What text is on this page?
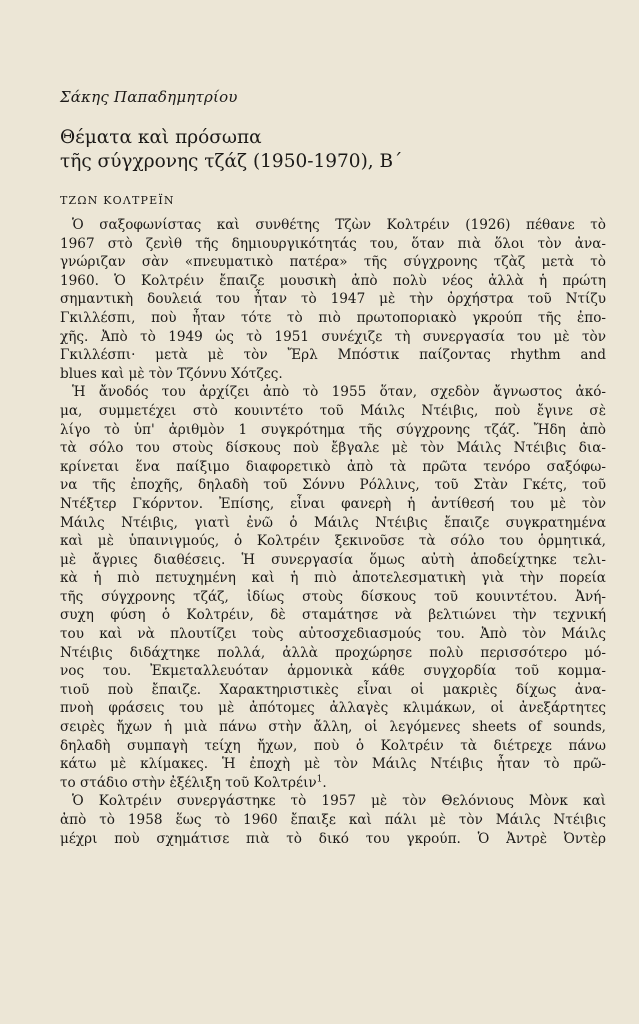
Σάκης Παπαδημητρίου
Θέματα καὶ πρόσωπα
τῆς σύγχρονης τζάζ (1950-1970), Β΄
ΤΖΩΝ ΚΟΛΤΡΕΪΝ
Ὁ σαξοφωνίστας καὶ συνθέτης Τζὼν Κολτρέιν (1926) πέθανε τὸ
1967 στὸ ζενὶθ τῆς δημιουργικότητάς του, ὅταν πιὰ ὅλοι τὸν ἀνα-
γνώριζαν σὰν «πνευματικὸ πατέρα» τῆς σύγχρονης τζὰζ μετὰ τὸ
1960. Ὁ Κολτρέιν ἔπαιζε μουσικὴ ἀπὸ πολὺ νέος ἀλλὰ ἡ πρώτη
σημαντικὴ δουλειά του ἦταν τὸ 1947 μὲ τὴν ὀρχήστρα τοῦ Ντίζυ
Γκιλλέσπι, ποὺ ἦταν τότε τὸ πιὸ πρωτοποριακὸ γκρούπ τῆς ἐπο-
χῆς. Ἀπὸ τὸ 1949 ὡς τὸ 1951 συνέχιζε τὴ συνεργασία του μὲ τὸν
Γκιλλέσπι· μετὰ μὲ τὸν Ἔρλ Μπόστικ παίζοντας rhythm and
blues καὶ μὲ τὸν Τζόννυ Χότζες.
Ἡ ἄνοδός του ἀρχίζει ἀπὸ τὸ 1955 ὅταν, σχεδὸν ἄγνωστος ἀκό-
μα, συμμετέχει στὸ κουιντέτο τοῦ Μάιλς Ντέιβις, ποὺ ἔγινε σὲ
λίγο τὸ ὑπ' ἀριθμὸν 1 συγκρότημα τῆς σύγχρονης τζάζ. Ἤδη ἀπὸ
τὰ σόλο του στοὺς δίσκους ποὺ ἔβγαλε μὲ τὸν Μάιλς Ντέιβις δια-
κρίνεται ἕνα παίξιμο διαφορετικὸ ἀπὸ τὰ πρῶτα τενόρο σαξόφω-
να τῆς ἐποχῆς, δηλαδὴ τοῦ Σόννυ Ρόλλινς, τοῦ Στὰν Γκέτς, τοῦ
Ντέξτερ Γκόρντον. Ἐπίσης, εἶναι φανερὴ ἡ ἀντίθεσή του μὲ τὸν
Μάιλς Ντέιβις, γιατὶ ἐνῶ ὁ Μάιλς Ντέιβις ἔπαιζε συγκρατημένα
καὶ μὲ ὑπαινιγμούς, ὁ Κολτρέιν ξεκινοῦσε τὰ σόλο του ὁρμητικά,
μὲ ἄγριες διαθέσεις. Ἡ συνεργασία ὅμως αὐτὴ ἀποδείχτηκε τελι-
κὰ ἡ πιὸ πετυχημένη καὶ ἡ πιὸ ἀποτελεσματικὴ γιὰ τὴν πορεία
τῆς σύγχρονης τζάζ, ἰδίως στοὺς δίσκους τοῦ κουιντέτου. Ἀνή-
συχη φύση ὁ Κολτρέιν, δὲ σταμάτησε νὰ βελτιώνει τὴν τεχνική
του καὶ νὰ πλουτίζει τοὺς αὐτοσχεδιασμούς του. Ἀπὸ τὸν Μάιλς
Ντέιβις διδάχτηκε πολλά, ἀλλὰ προχώρησε πολὺ περισσότερο μό-
νος του. Ἐκμεταλλευόταν ἁρμονικὰ κάθε συγχορδία τοῦ κομμα-
τιοῦ ποὺ ἔπαιζε. Χαρακτηριστικὲς εἶναι οἱ μακριὲς δίχως ἀνα-
πνοὴ φράσεις του μὲ ἀπότομες ἀλλαγὲς κλιμάκων, οἱ ἀνεξάρτητες
σειρὲς ἤχων ἡ μιὰ πάνω στὴν ἄλλη, οἱ λεγόμενες sheets of sounds,
δηλαδὴ συμπαγὴ τείχη ἤχων, ποὺ ὁ Κολτρέιν τὰ διέτρεχε πάνω
κάτω μὲ κλίμακες. Ἡ ἐποχὴ μὲ τὸν Μάιλς Ντέιβις ἦταν τὸ πρῶ-
το στάδιο στὴν ἐξέλιξη τοῦ Κολτρέιν$^1$.
Ὁ Κολτρέιν συνεργάστηκε τὸ 1957 μὲ τὸν Θελόνιους Μὸνκ καὶ
ἀπὸ τὸ 1958 ἕως τὸ 1960 ἔπαιξε καὶ πάλι μὲ τὸν Μάιλς Ντέιβις
μέχρι ποὺ σχημάτισε πιὰ τὸ δικό του γκρούπ. Ὁ Ἀντρὲ Ὀντὲρ
